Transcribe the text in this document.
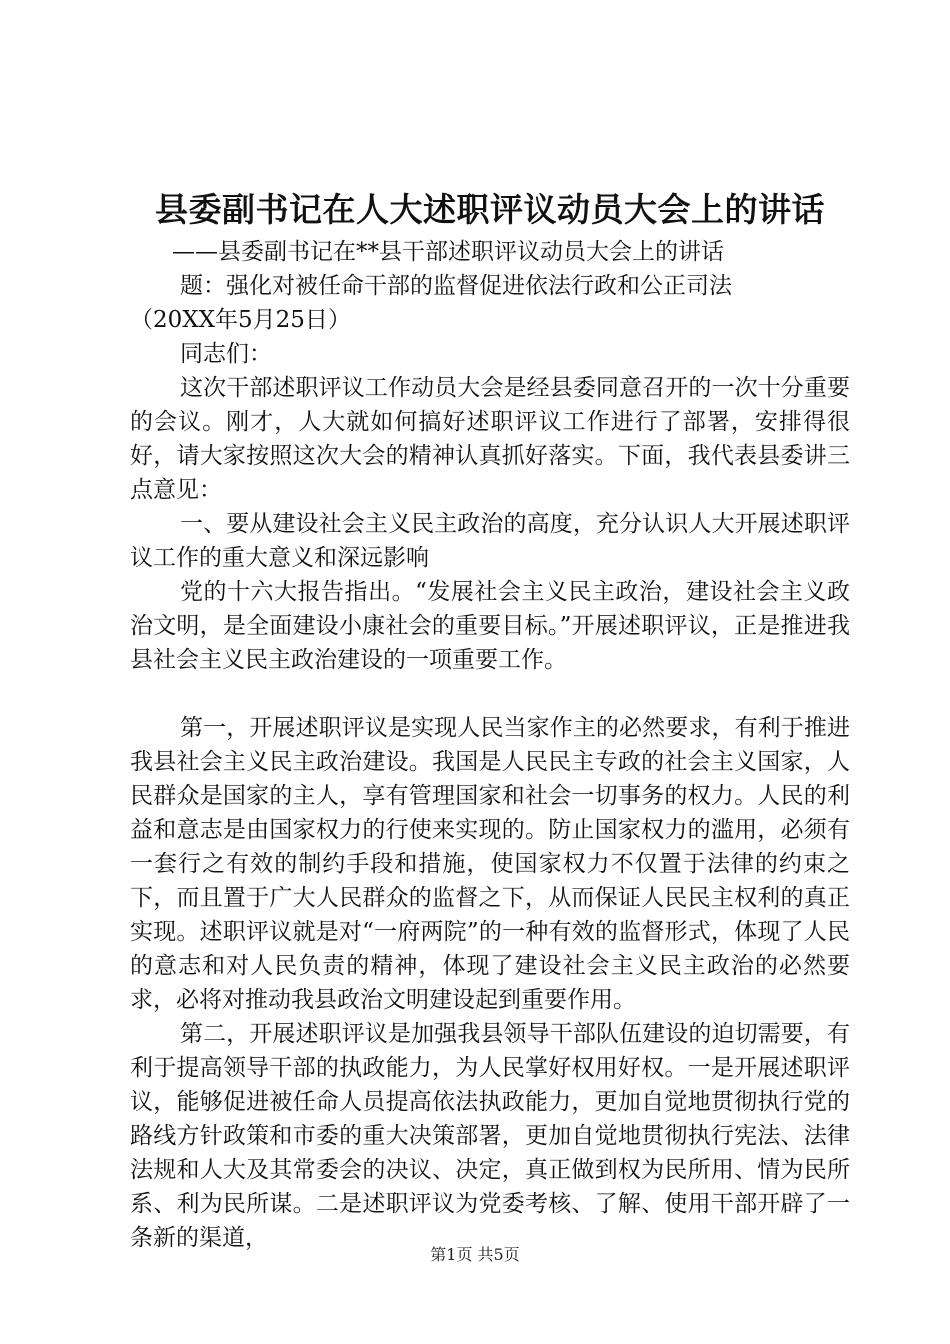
县委副书记在人大述职评议动员大会上的讲话

——县委副书记在**县干部述职评议动员大会上的讲话

题：强化对被任命干部的监督促进依法行政和公正司法

（20XX年5月25日）

同志们：

这次干部述职评议工作动员大会是经县委同意召开的一次十分重要的会议。刚才，人大就如何搞好述职评议工作进行了部署，安排得很好，请大家按照这次大会的精神认真抓好落实。下面，我代表县委讲三点意见：

一、要从建设社会主义民主政治的高度，充分认识人大开展述职评议工作的重大意义和深远影响

党的十六大报告指出。“发展社会主义民主政治，建设社会主义政治文明，是全面建设小康社会的重要目标。”开展述职评议，正是推进我县社会主义民主政治建设的一项重要工作。

第一，开展述职评议是实现人民当家作主的必然要求，有利于推进我县社会主义民主政治建设。我国是人民民主专政的社会主义国家，人民群众是国家的主人，享有管理国家和社会一切事务的权力。人民的利益和意志是由国家权力的行使来实现的。防止国家权力的滥用，必须有一套行之有效的制约手段和措施，使国家权力不仅置于法律的约束之下，而且置于广大人民群众的监督之下，从而保证人民民主权利的真正实现。述职评议就是对“一府两院”的一种有效的监督形式，体现了人民的意志和对人民负责的精神，体现了建设社会主义民主政治的必然要求，必将对推动我县政治文明建设起到重要作用。

第二，开展述职评议是加强我县领导干部队伍建设的迫切需要，有利于提高领导干部的执政能力，为人民掌好权用好权。一是开展述职评议，能够促进被任命人员提高依法执政能力，更加自觉地贯彻执行党的路线方针政策和市委的重大决策部署，更加自觉地贯彻执行宪法、法律法规和人大及其常委会的决议、决定，真正做到权为民所用、情为民所系、利为民所谋。二是述职评议为党委考核、了解、使用干部开辟了一条新的渠道，

第1页 共5页
